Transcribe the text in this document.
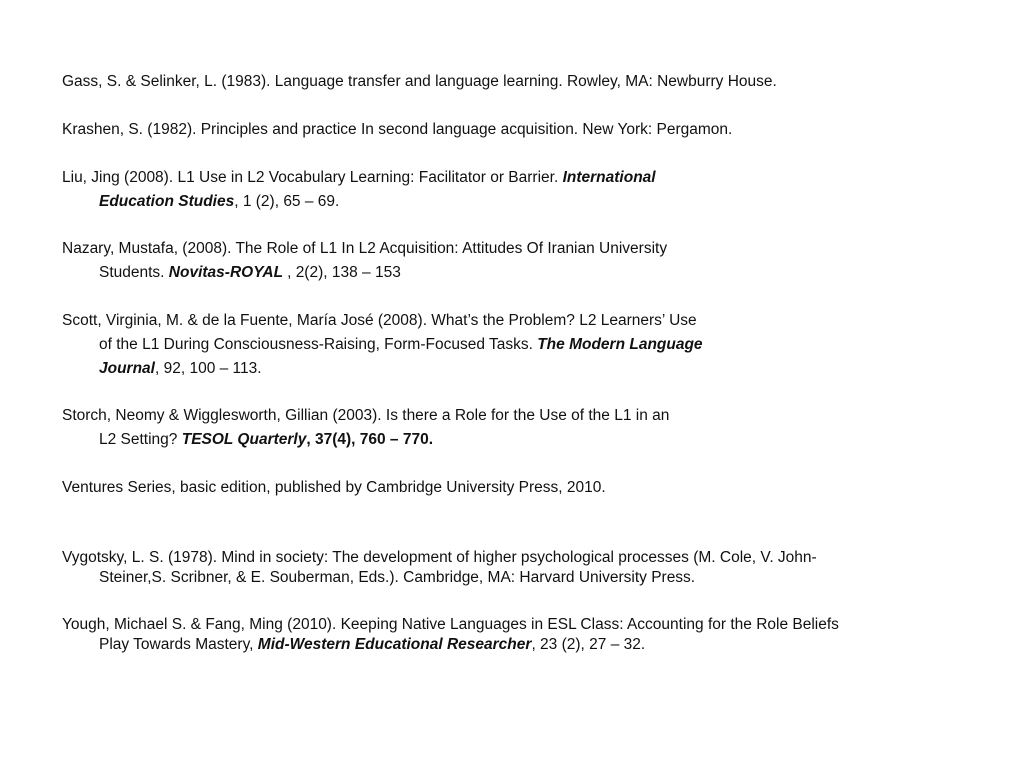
Gass, S. & Selinker, L. (1983). Language transfer and language learning. Rowley, MA: Newburry House.
Krashen, S. (1982). Principles and practice In second language acquisition. New York: Pergamon.
Liu, Jing (2008). L1 Use in L2 Vocabulary Learning: Facilitator or Barrier. International
Education Studies, 1 (2), 65 – 69.
Nazary, Mustafa, (2008). The Role of L1 In L2 Acquisition: Attitudes Of Iranian University
Students. Novitas-ROYAL , 2(2), 138 – 153
Scott, Virginia, M. & de la Fuente, María José (2008). What’s the Problem? L2 Learners’ Use
of the L1 During Consciousness-Raising, Form-Focused Tasks. The Modern Language
Journal, 92, 100 – 113.
Storch, Neomy & Wigglesworth, Gillian (2003). Is there a Role for the Use of the L1 in an
L2 Setting? TESOL Quarterly, 37(4), 760 – 770.
Ventures Series, basic edition, published by Cambridge University Press, 2010.
Vygotsky, L. S. (1978). Mind in society: The development of higher psychological processes (M. Cole, V. John-
Steiner,S. Scribner, & E. Souberman, Eds.). Cambridge, MA: Harvard University Press.
Yough, Michael S. & Fang, Ming (2010). Keeping Native Languages in ESL Class: Accounting for the Role Beliefs
Play Towards Mastery, Mid-Western Educational Researcher, 23 (2), 27 – 32.
